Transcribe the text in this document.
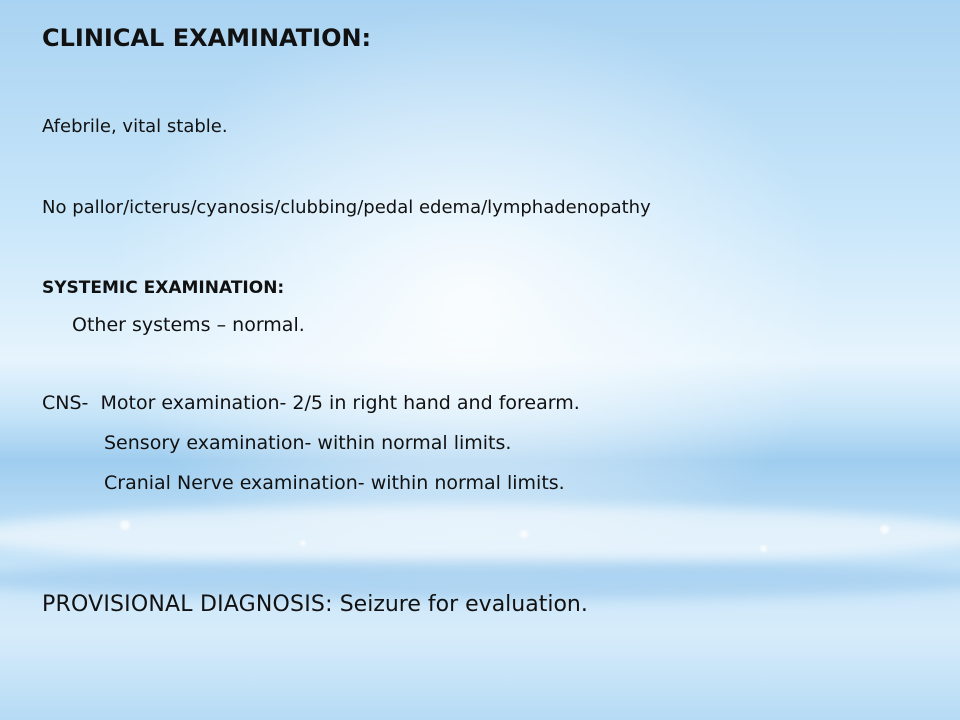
CLINICAL EXAMINATION:

Afebrile, vital stable.

No pallor/icterus/cyanosis/clubbing/pedal edema/lymphadenopathy

SYSTEMIC EXAMINATION:

Other systems – normal.

CNS-  Motor examination- 2/5 in right hand and forearm.

Sensory examination- within normal limits.

Cranial Nerve examination- within normal limits.

PROVISIONAL DIAGNOSIS: Seizure for evaluation.
